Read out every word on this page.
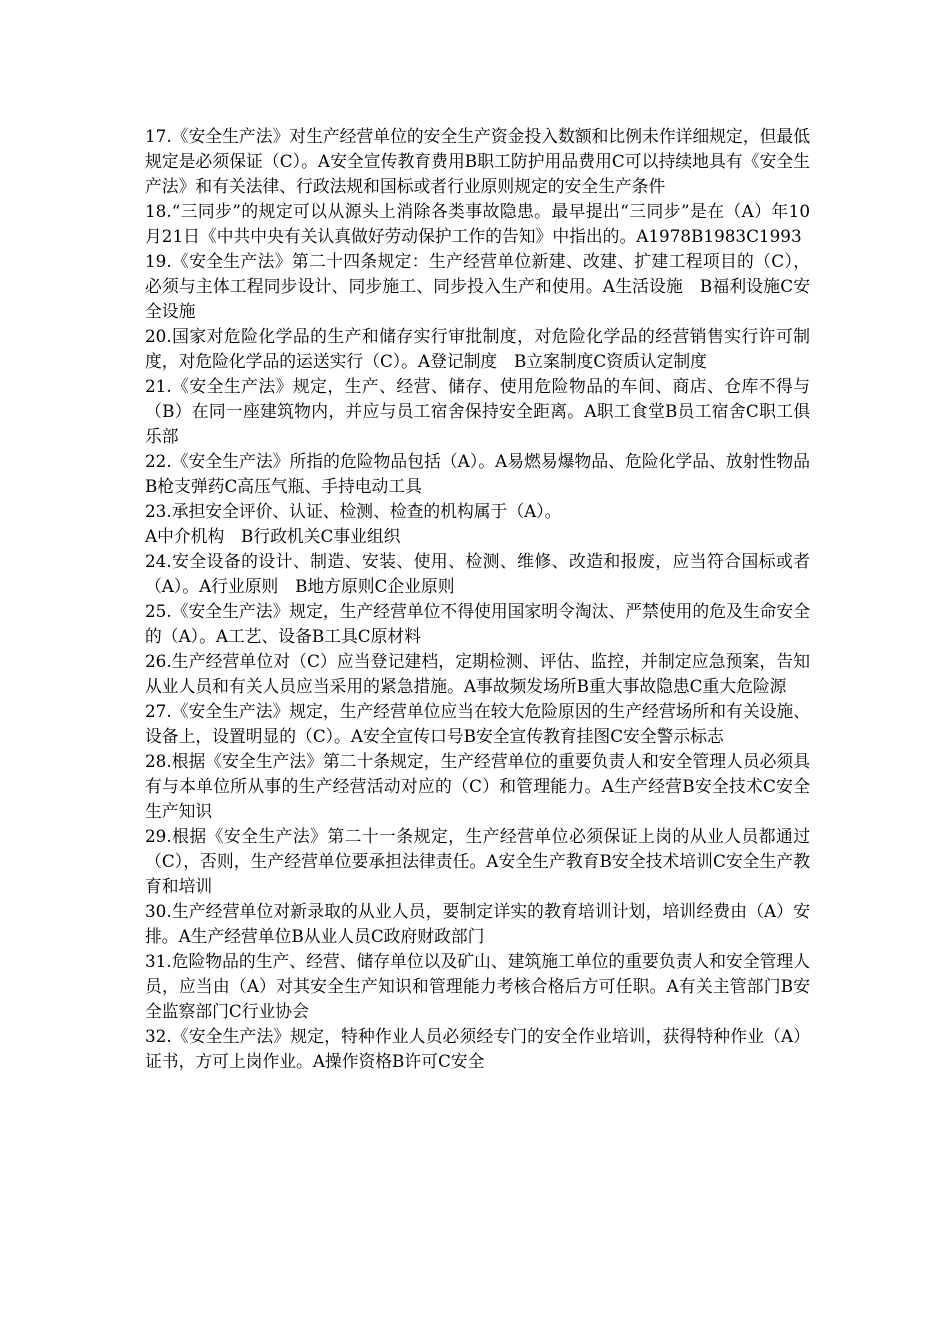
17.《安全生产法》对生产经营单位的安全生产资金投入数额和比例未作详细规定，但最低规定是必须保证（C）。A安全宣传教育费用B职工防护用品费用C可以持续地具有《安全生产法》和有关法律、行政法规和国标或者行业原则规定的安全生产条件

18.“三同步”的规定可以从源头上消除各类事故隐患。最早提出“三同步”是在（A）年10月21日《中共中央有关认真做好劳动保护工作的告知》中指出的。A1978B1983C1993

19.《安全生产法》第二十四条规定：生产经营单位新建、改建、扩建工程项目的（C），必须与主体工程同步设计、同步施工、同步投入生产和使用。A生活设施　B福利设施C安全设施

20.国家对危险化学品的生产和储存实行审批制度，对危险化学品的经营销售实行许可制度，对危险化学品的运送实行（C）。A登记制度　B立案制度C资质认定制度

21.《安全生产法》规定，生产、经营、储存、使用危险物品的车间、商店、仓库不得与（B）在同一座建筑物内，并应与员工宿舍保持安全距离。A职工食堂B员工宿舍C职工俱乐部

22.《安全生产法》所指的危险物品包括（A）。A易燃易爆物品、危险化学品、放射性物品B枪支弹药C高压气瓶、手持电动工具

23.承担安全评价、认证、检测、检查的机构属于（A）。

A中介机构　B行政机关C事业组织

24.安全设备的设计、制造、安装、使用、检测、维修、改造和报废，应当符合国标或者（A）。A行业原则　B地方原则C企业原则

25.《安全生产法》规定，生产经营单位不得使用国家明令淘汰、严禁使用的危及生命安全的（A）。A工艺、设备B工具C原材料

26.生产经营单位对（C）应当登记建档，定期检测、评估、监控，并制定应急预案，告知从业人员和有关人员应当采用的紧急措施。A事故频发场所B重大事故隐患C重大危险源

27.《安全生产法》规定，生产经营单位应当在较大危险原因的生产经营场所和有关设施、设备上，设置明显的（C）。A安全宣传口号B安全宣传教育挂图C安全警示标志

28.根据《安全生产法》第二十条规定，生产经营单位的重要负责人和安全管理人员必须具有与本单位所从事的生产经营活动对应的（C）和管理能力。A生产经营B安全技术C安全生产知识

29.根据《安全生产法》第二十一条规定，生产经营单位必须保证上岗的从业人员都通过（C），否则，生产经营单位要承担法律责任。A安全生产教育B安全技术培训C安全生产教育和培训

30.生产经营单位对新录取的从业人员，要制定详实的教育培训计划，培训经费由（A）安排。A生产经营单位B从业人员C政府财政部门

31.危险物品的生产、经营、储存单位以及矿山、建筑施工单位的重要负责人和安全管理人员，应当由（A）对其安全生产知识和管理能力考核合格后方可任职。A有关主管部门B安全监察部门C行业协会

32.《安全生产法》规定，特种作业人员必须经专门的安全作业培训，获得特种作业（A）证书，方可上岗作业。A操作资格B许可C安全
